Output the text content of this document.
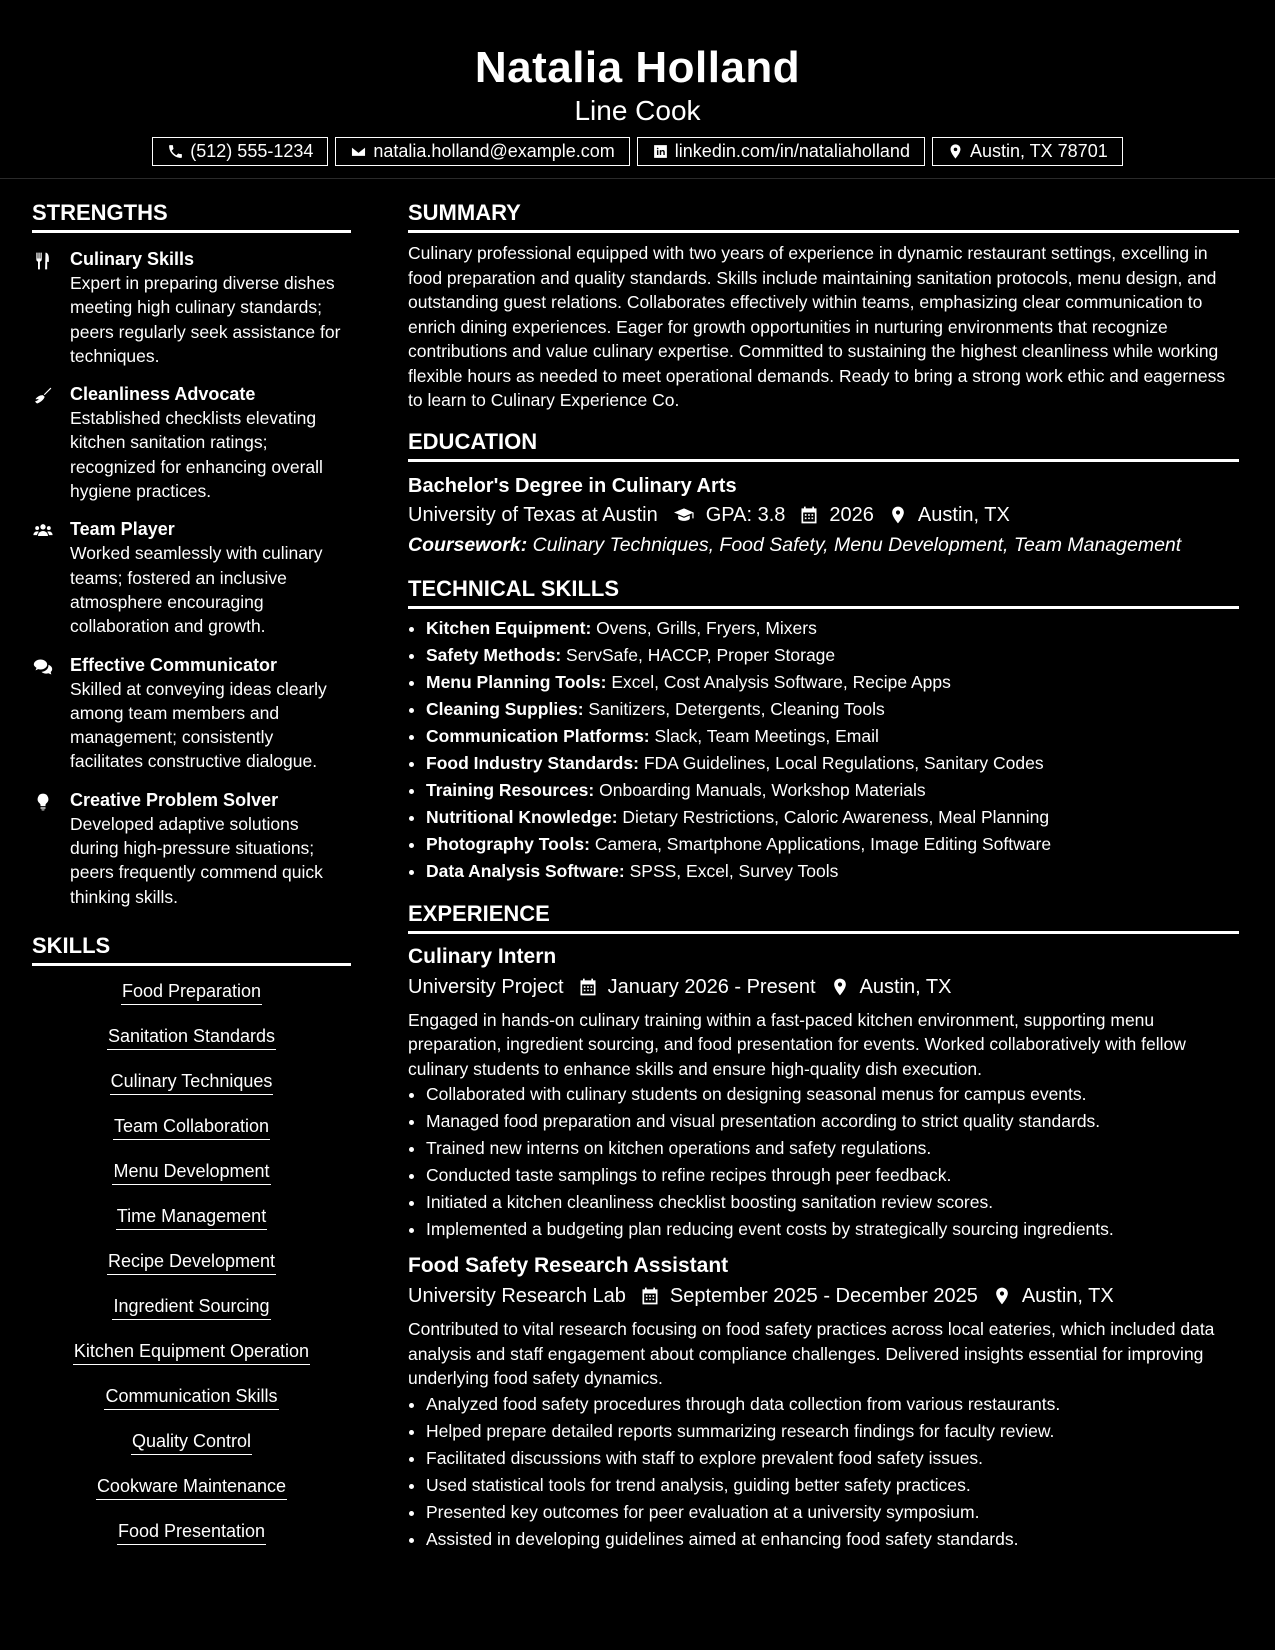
Natalia Holland
Line Cook
(512) 555-1234	natalia.holland@example.com	linkedin.com/in/nataliaholland	Austin, TX 78701
STRENGTHS
Culinary Skills
Expert in preparing diverse dishes meeting high culinary standards; peers regularly seek assistance for techniques.
Cleanliness Advocate
Established checklists elevating kitchen sanitation ratings; recognized for enhancing overall hygiene practices.
Team Player
Worked seamlessly with culinary teams; fostered an inclusive atmosphere encouraging collaboration and growth.
Effective Communicator
Skilled at conveying ideas clearly among team members and management; consistently facilitates constructive dialogue.
Creative Problem Solver
Developed adaptive solutions during high-pressure situations; peers frequently commend quick thinking skills.
SKILLS
Food Preparation
Sanitation Standards
Culinary Techniques
Team Collaboration
Menu Development
Time Management
Recipe Development
Ingredient Sourcing
Kitchen Equipment Operation
Communication Skills
Quality Control
Cookware Maintenance
Food Presentation
SUMMARY
Culinary professional equipped with two years of experience in dynamic restaurant settings, excelling in food preparation and quality standards. Skills include maintaining sanitation protocols, menu design, and outstanding guest relations. Collaborates effectively within teams, emphasizing clear communication to enrich dining experiences. Eager for growth opportunities in nurturing environments that recognize contributions and value culinary expertise. Committed to sustaining the highest cleanliness while working flexible hours as needed to meet operational demands. Ready to bring a strong work ethic and eagerness to learn to Culinary Experience Co.
EDUCATION
Bachelor's Degree in Culinary Arts
University of Texas at Austin GPA: 3.8 2026 Austin, TX
Coursework: Culinary Techniques, Food Safety, Menu Development, Team Management
TECHNICAL SKILLS
• Kitchen Equipment: Ovens, Grills, Fryers, Mixers
• Safety Methods: ServSafe, HACCP, Proper Storage
• Menu Planning Tools: Excel, Cost Analysis Software, Recipe Apps
• Cleaning Supplies: Sanitizers, Detergents, Cleaning Tools
• Communication Platforms: Slack, Team Meetings, Email
• Food Industry Standards: FDA Guidelines, Local Regulations, Sanitary Codes
• Training Resources: Onboarding Manuals, Workshop Materials
• Nutritional Knowledge: Dietary Restrictions, Caloric Awareness, Meal Planning
• Photography Tools: Camera, Smartphone Applications, Image Editing Software
• Data Analysis Software: SPSS, Excel, Survey Tools
EXPERIENCE
Culinary Intern
University Project January 2026 - Present Austin, TX
Engaged in hands-on culinary training within a fast-paced kitchen environment, supporting menu preparation, ingredient sourcing, and food presentation for events. Worked collaboratively with fellow culinary students to enhance skills and ensure high-quality dish execution.
• Collaborated with culinary students on designing seasonal menus for campus events.
• Managed food preparation and visual presentation according to strict quality standards.
• Trained new interns on kitchen operations and safety regulations.
• Conducted taste samplings to refine recipes through peer feedback.
• Initiated a kitchen cleanliness checklist boosting sanitation review scores.
• Implemented a budgeting plan reducing event costs by strategically sourcing ingredients.
Food Safety Research Assistant
University Research Lab September 2025 - December 2025 Austin, TX
Contributed to vital research focusing on food safety practices across local eateries, which included data analysis and staff engagement about compliance challenges. Delivered insights essential for improving underlying food safety dynamics.
• Analyzed food safety procedures through data collection from various restaurants.
• Helped prepare detailed reports summarizing research findings for faculty review.
• Facilitated discussions with staff to explore prevalent food safety issues.
• Used statistical tools for trend analysis, guiding better safety practices.
• Presented key outcomes for peer evaluation at a university symposium.
• Assisted in developing guidelines aimed at enhancing food safety standards.
